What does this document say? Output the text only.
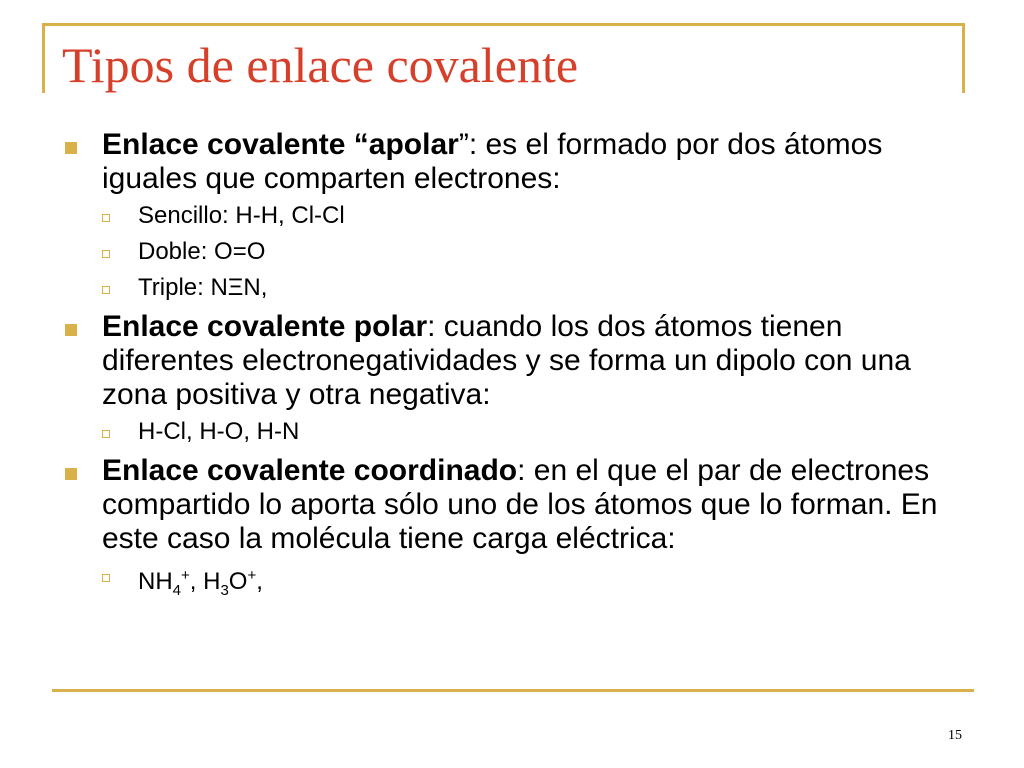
Tipos de enlace covalente
Enlace covalente “apolar”: es el formado por dos átomos iguales que comparten electrones:
Sencillo: H-H, Cl-Cl
Doble: O=O
Triple: NΞN,
Enlace covalente polar: cuando los dos átomos tienen diferentes electronegatividades y se forma un dipolo con una zona positiva y otra negativa:
H-Cl, H-O, H-N
Enlace covalente coordinado: en el que el par de electrones compartido lo aporta sólo uno de los átomos que lo forman. En este caso la molécula tiene carga eléctrica:
$NH_4^+$, $H_3O^+$,
15
